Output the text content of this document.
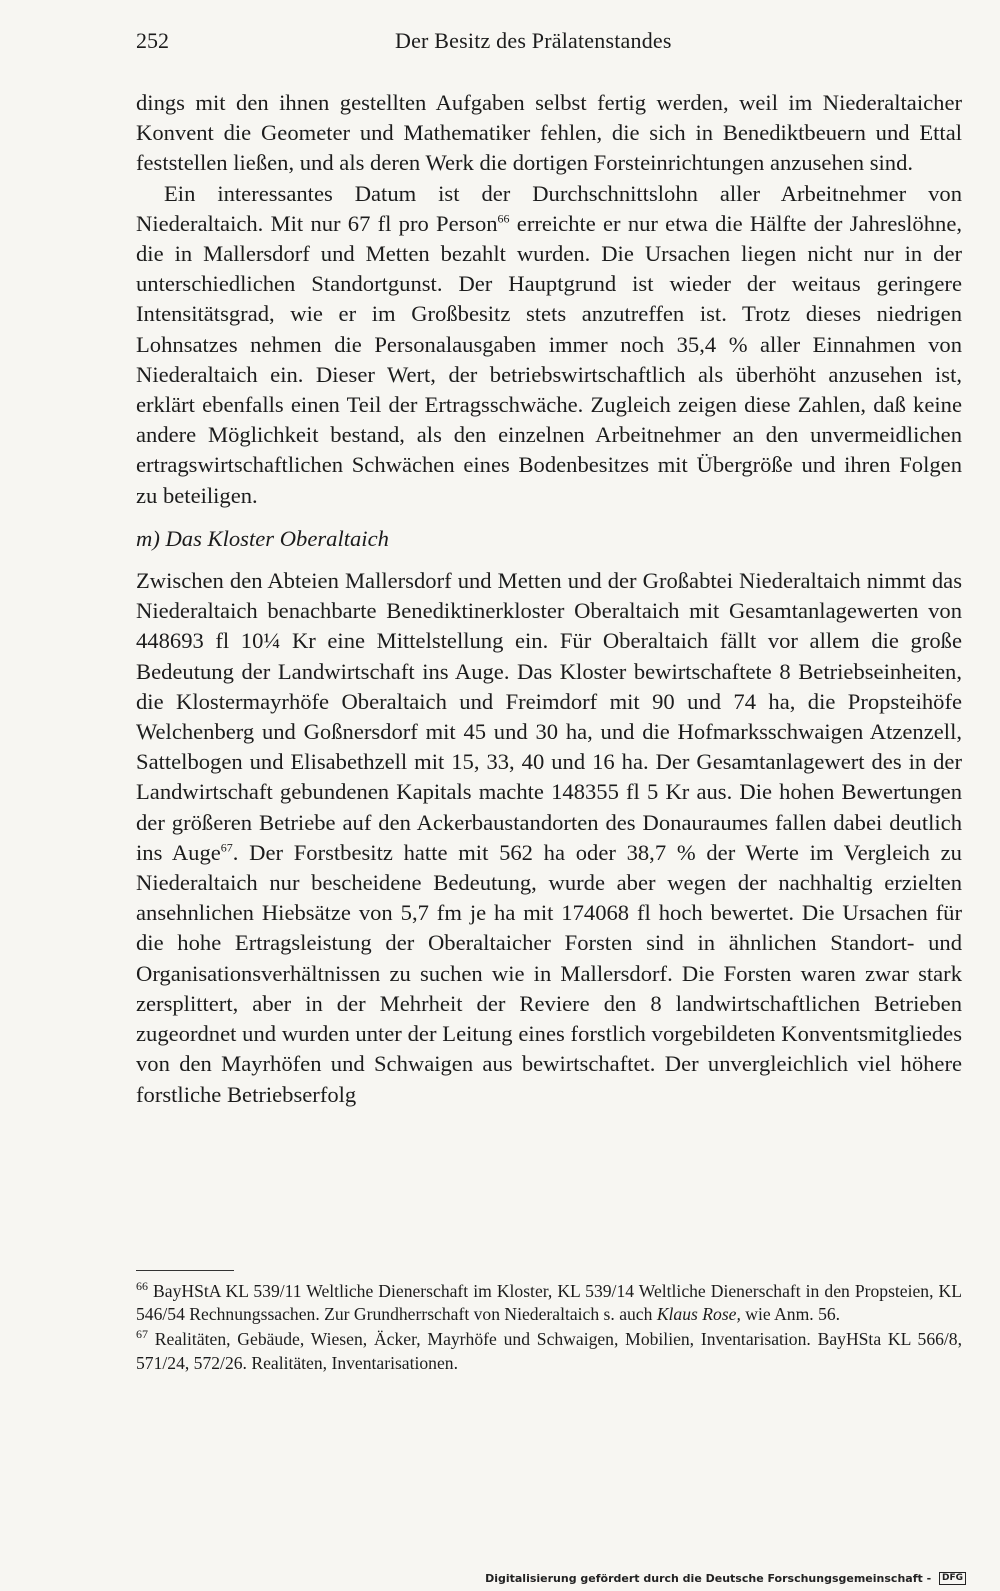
252	Der Besitz des Prälatenstandes

dings mit den ihnen gestellten Aufgaben selbst fertig werden, weil im Niederaltaicher Konvent die Geometer und Mathematiker fehlen, die sich in Benediktbeuern und Ettal feststellen ließen, und als deren Werk die dortigen Forsteinrichtungen anzusehen sind.

Ein interessantes Datum ist der Durchschnittslohn aller Arbeitnehmer von Niederaltaich. Mit nur 67 fl pro Person$^{66}$ erreichte er nur etwa die Hälfte der Jahreslöhne, die in Mallersdorf und Metten bezahlt wurden. Die Ursachen liegen nicht nur in der unterschiedlichen Standortgunst. Der Hauptgrund ist wieder der weitaus geringere Intensitätsgrad, wie er im Großbesitz stets anzutreffen ist. Trotz dieses niedrigen Lohnsatzes nehmen die Personalausgaben immer noch 35,4 % aller Einnahmen von Niederaltaich ein. Dieser Wert, der betriebswirtschaftlich als überhöht anzusehen ist, erklärt ebenfalls einen Teil der Ertragsschwäche. Zugleich zeigen diese Zahlen, daß keine andere Möglichkeit bestand, als den einzelnen Arbeitnehmer an den unvermeidlichen ertragswirtschaftlichen Schwächen eines Bodenbesitzes mit Übergröße und ihren Folgen zu beteiligen.

m) Das Kloster Oberaltaich

Zwischen den Abteien Mallersdorf und Metten und der Großabtei Niederaltaich nimmt das Niederaltaich benachbarte Benediktinerkloster Oberaltaich mit Gesamtanlagewerten von 448693 fl 10¼ Kr eine Mittelstellung ein. Für Oberaltaich fällt vor allem die große Bedeutung der Landwirtschaft ins Auge. Das Kloster bewirtschaftete 8 Betriebseinheiten, die Klostermayrhöfe Oberaltaich und Freimdorf mit 90 und 74 ha, die Propsteihöfe Welchenberg und Goßnersdorf mit 45 und 30 ha, und die Hofmarksschwaigen Atzenzell, Sattelbogen und Elisabethzell mit 15, 33, 40 und 16 ha. Der Gesamtanlagewert des in der Landwirtschaft gebundenen Kapitals machte 148355 fl 5 Kr aus. Die hohen Bewertungen der größeren Betriebe auf den Ackerbaustandorten des Donauraumes fallen dabei deutlich ins Auge$^{67}$. Der Forstbesitz hatte mit 562 ha oder 38,7 % der Werte im Vergleich zu Niederaltaich nur bescheidene Bedeutung, wurde aber wegen der nachhaltig erzielten ansehnlichen Hiebsätze von 5,7 fm je ha mit 174068 fl hoch bewertet. Die Ursachen für die hohe Ertragsleistung der Oberaltaicher Forsten sind in ähnlichen Standort- und Organisationsverhältnissen zu suchen wie in Mallersdorf. Die Forsten waren zwar stark zersplittert, aber in der Mehrheit der Reviere den 8 landwirtschaftlichen Betrieben zugeordnet und wurden unter der Leitung eines forstlich vorgebildeten Konventsmitgliedes von den Mayrhöfen und Schwaigen aus bewirtschaftet. Der unvergleichlich viel höhere forstliche Betriebserfolg

$^{66}$ BayHStA KL 539/11 Weltliche Dienerschaft im Kloster, KL 539/14 Weltliche Dienerschaft in den Propsteien, KL 546/54 Rechnungssachen. Zur Grundherrschaft von Niederaltaich s. auch Klaus Rose, wie Anm. 56.

$^{67}$ Realitäten, Gebäude, Wiesen, Äcker, Mayrhöfe und Schwaigen, Mobilien, Inventarisation. BayHSta KL 566/8, 571/24, 572/26. Realitäten, Inventarisationen.

Digitalisierung gefördert durch die Deutsche Forschungsgemeinschaft - DFG
